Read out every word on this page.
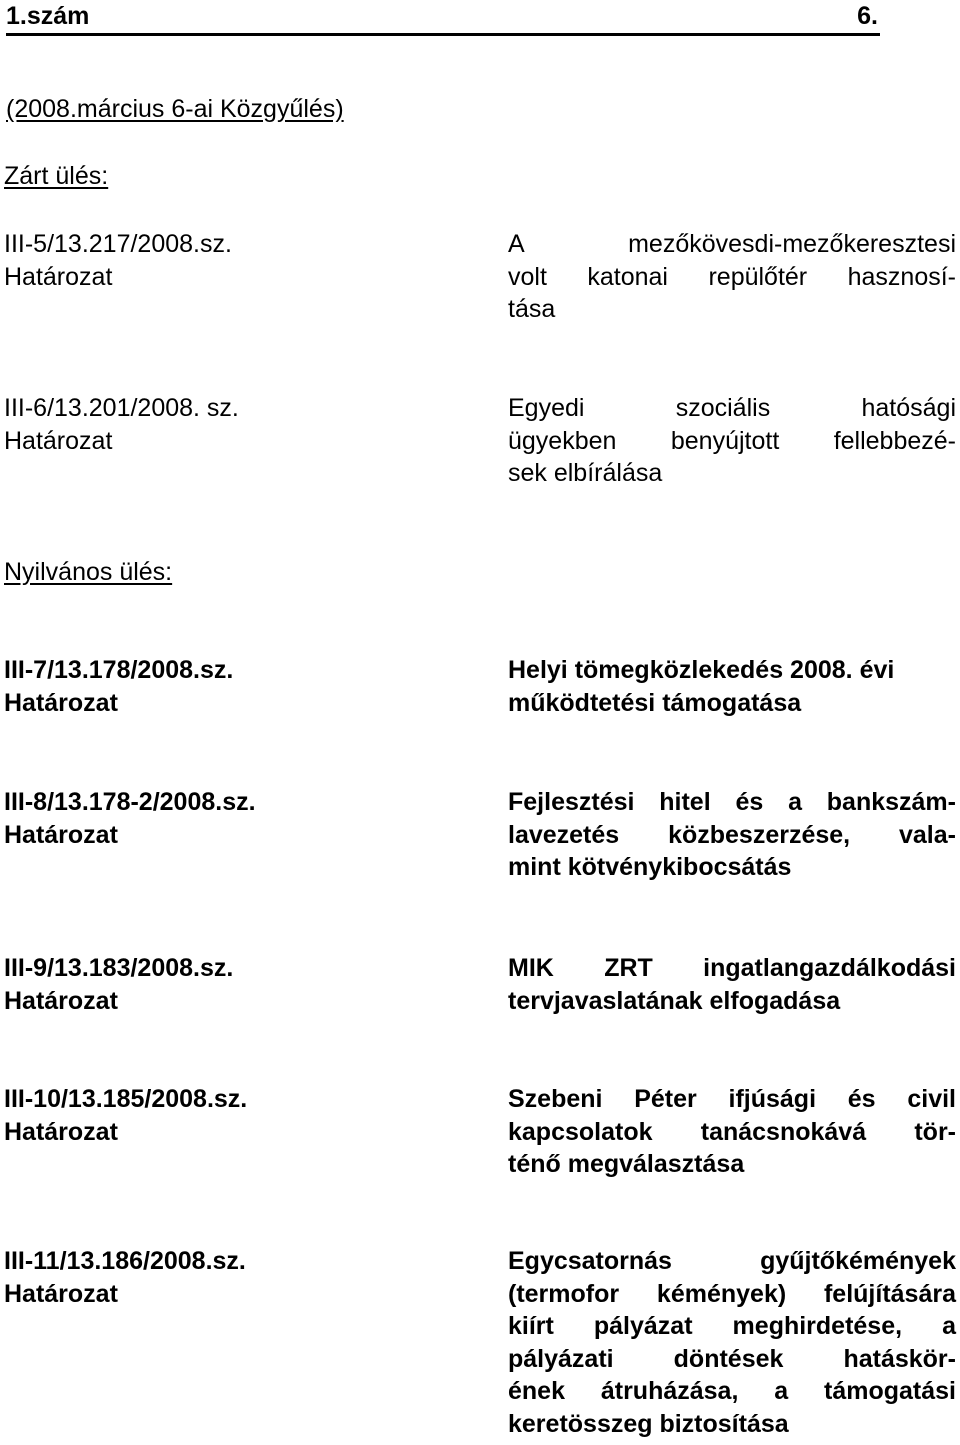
1.szám	6.
(2008.március 6-ai Közgyűlés)
Zárt ülés:
III-5/13.217/2008.sz.
Határozat
A mezőkövesdi-mezőkeresztesi
volt katonai repülőtér hasznosí-
tása
III-6/13.201/2008. sz.
Határozat
Egyedi szociális hatósági
ügyekben benyújtott fellebbezé-
sek elbírálása
Nyilvános ülés:
III-7/13.178/2008.sz.
Határozat
Helyi tömegközlekedés 2008. évi
működtetési támogatása
III-8/13.178-2/2008.sz.
Határozat
Fejlesztési hitel és a bankszám-
lavezetés közbeszerzése, vala-
mint kötvénykibocsátás
III-9/13.183/2008.sz.
Határozat
MIK ZRT ingatlangazdálkodási
tervjavaslatának elfogadása
III-10/13.185/2008.sz.
Határozat
Szebeni Péter ifjúsági és civil
kapcsolatok tanácsnokává tör-
ténő megválasztása
III-11/13.186/2008.sz.
Határozat
Egycsatornás gyűjtőkémények
(termofor kémények) felújítására
kiírt pályázat meghirdetése, a
pályázati döntések hatáskör-
ének átruházása, a támogatási
keretösszeg biztosítása
